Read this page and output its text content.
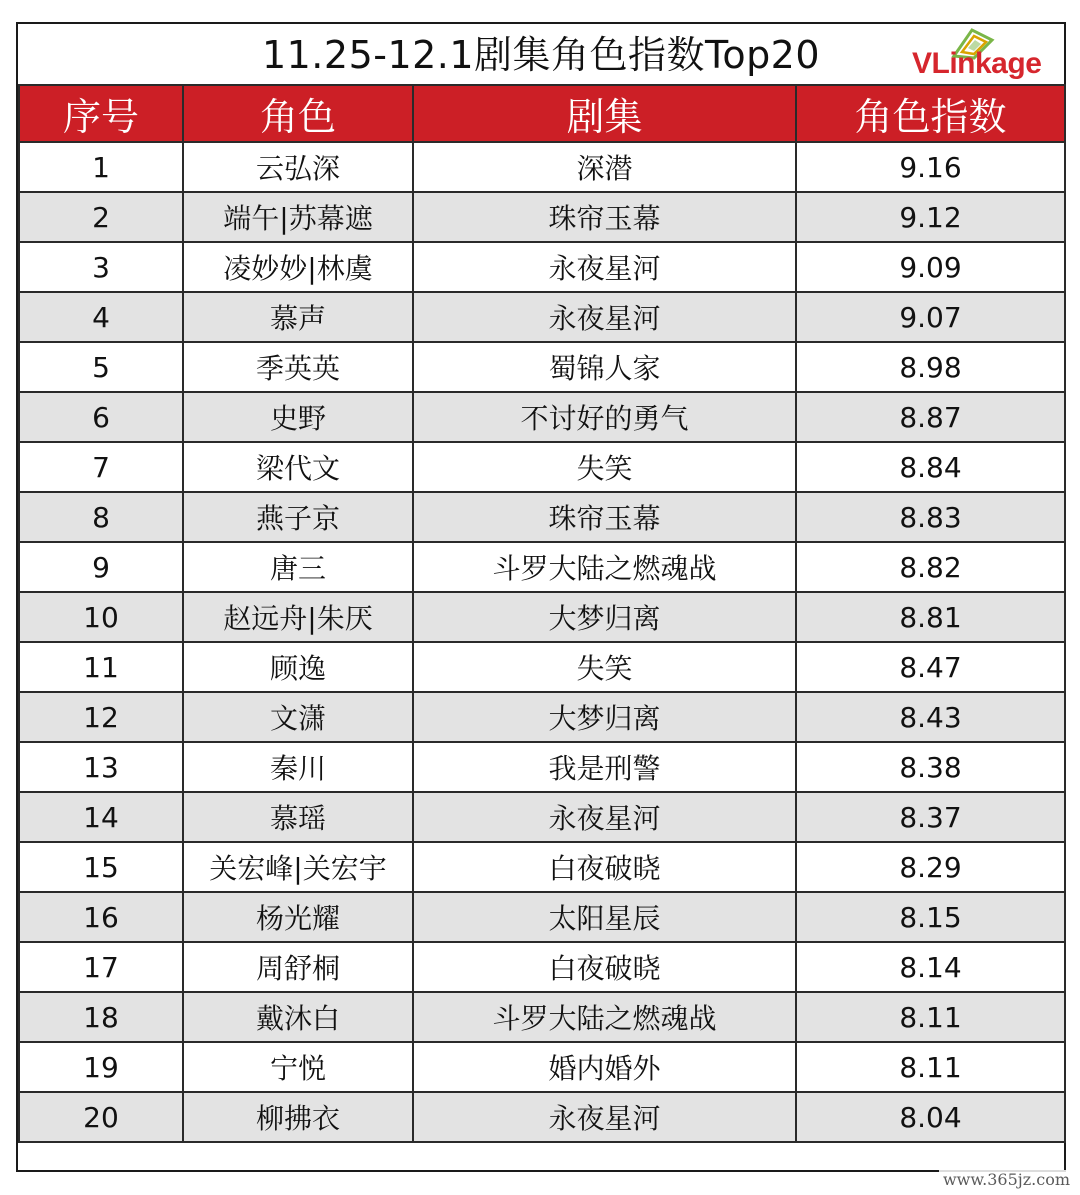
11.25-12.1剧集角色指数Top20	VLinkage
序号	角色	剧集	角色指数
1	云弘深	深潜	9.16
2	端午|苏幕遮	珠帘玉幕	9.12
3	凌妙妙|林虞	永夜星河	9.09
4	慕声	永夜星河	9.07
5	季英英	蜀锦人家	8.98
6	史野	不讨好的勇气	8.87
7	梁代文	失笑	8.84
8	燕子京	珠帘玉幕	8.83
9	唐三	斗罗大陆之燃魂战	8.82
10	赵远舟|朱厌	大梦归离	8.81
11	顾逸	失笑	8.47
12	文潇	大梦归离	8.43
13	秦川	我是刑警	8.38
14	慕瑶	永夜星河	8.37
15	关宏峰|关宏宇	白夜破晓	8.29
16	杨光耀	太阳星辰	8.15
17	周舒桐	白夜破晓	8.14
18	戴沐白	斗罗大陆之燃魂战	8.11
19	宁悦	婚内婚外	8.11
20	柳拂衣	永夜星河	8.04
www.365jz.com
